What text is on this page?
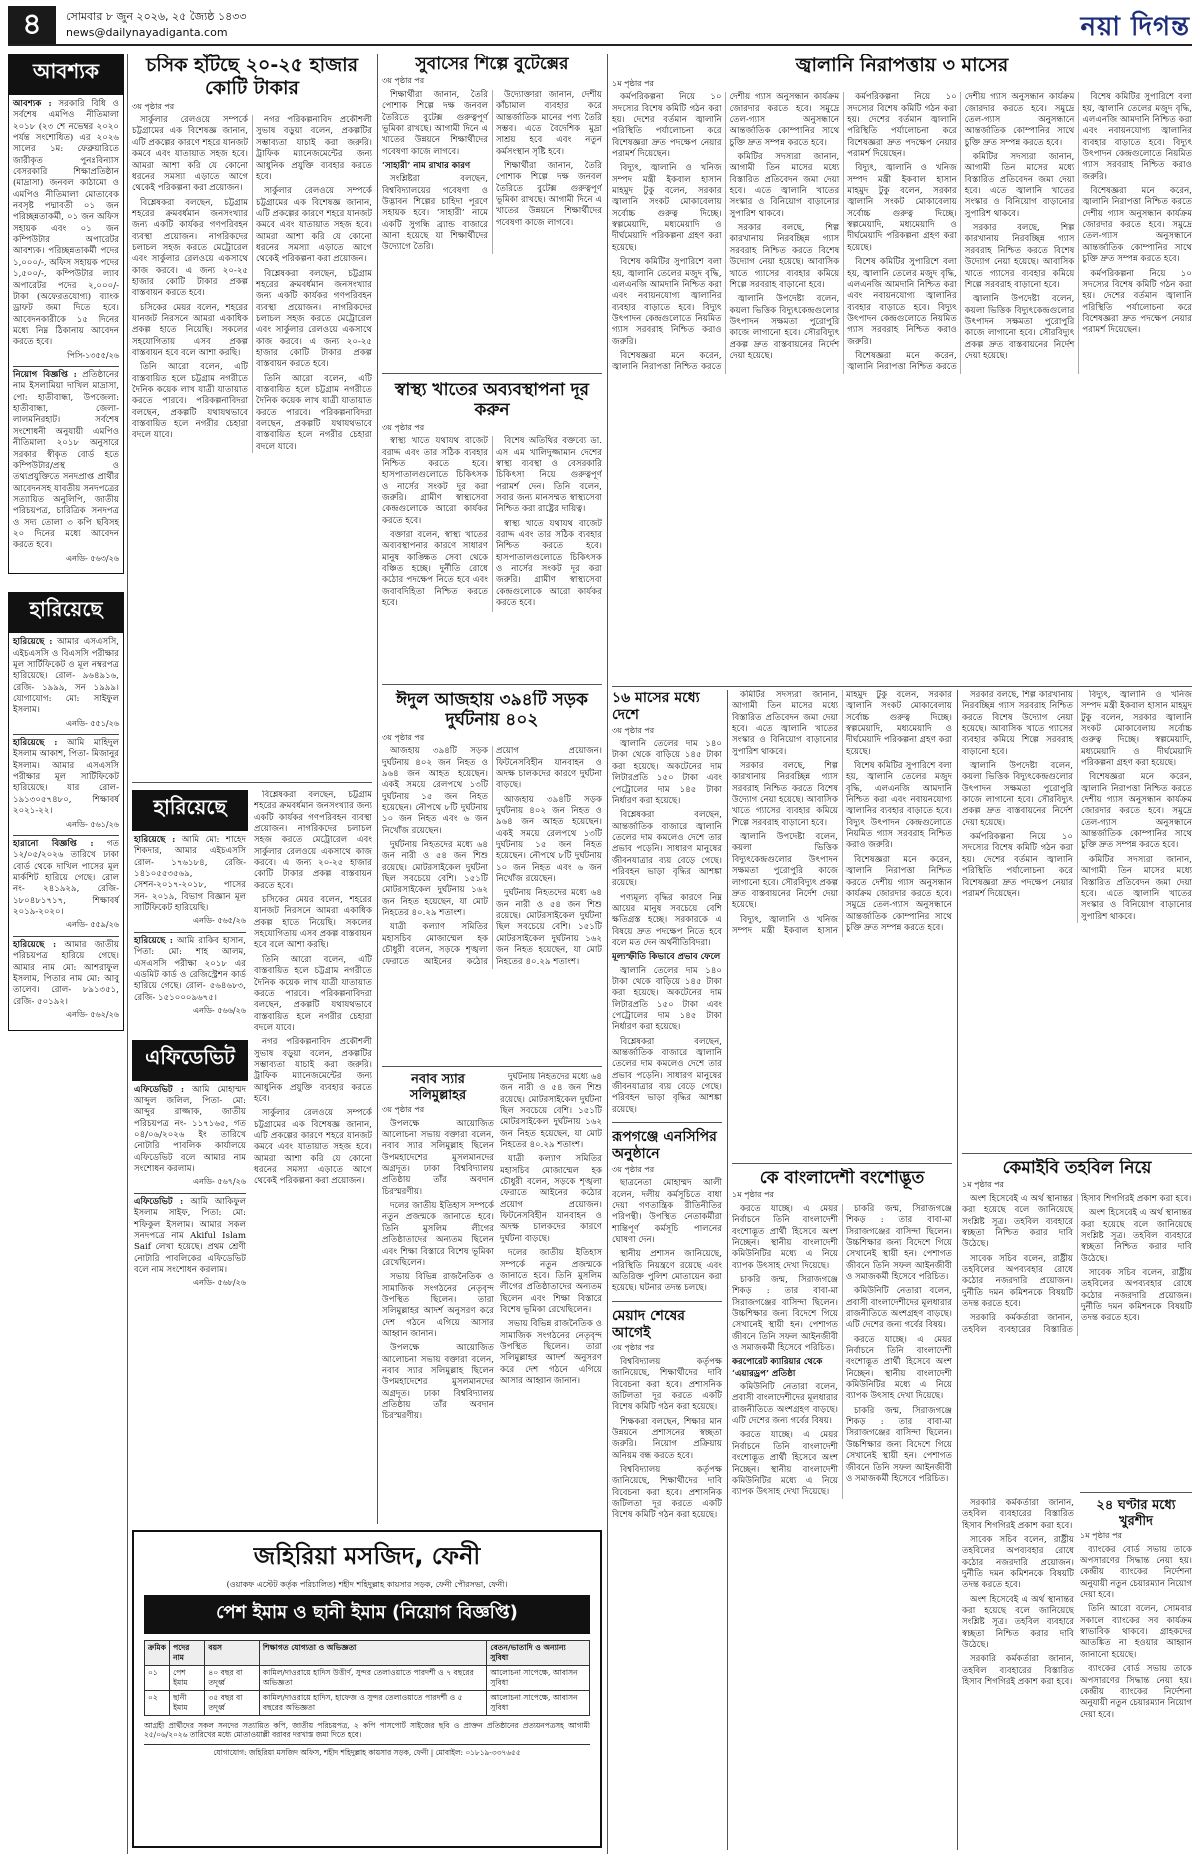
৪	সোমবার ৮ জুন ২০২৬, ২৫ জ্যৈষ্ঠ ১৪৩৩
news@dailynayadiganta.com	নয়া দিগন্ত
আবশ্যক

আবশ্যক : সরকারি বিধি ও সর্বশেষ এমপিও নীতিমালা ২০১৮ (২৩ শে নভেম্বর ২০২০ পর্যন্ত সংশোধিত) এর ২০২৬ সালের ১ম: ফেব্রুয়ারিতে জারীকৃত পুনঃবিন্যাস বেসরকারি শিক্ষাপ্রতিষ্ঠান (মাদ্রাসা) জনবল কাঠামো ও এমপিও নীতিমালা মোতাবেক নবসৃষ্ট পদ্মাবতী ০১ জন পরিচ্ছন্নতাকর্মী, ০১ জন অফিস সহায়ক এবং ০১ জন কম্পিউটার অপারেটর আবশ্যক। পরিচ্ছন্নতাকর্মী পদের ১,০০০/-, অফিস সহায়ক পদের ১,৫০০/-, কম্পিউটার ল্যাব অপারেটর পদের ২,০০০/- টাকা (অফেরতযোগ্য) ব্যাংক ড্রাফট জমা দিতে হবে। আবেদনকারীকে ১৫ দিনের মধ্যে নিম্ন ঠিকানায় আবেদন করতে হবে।

পিসি-১৩৫৫/২৬

নিয়োগ বিজ্ঞপ্তি : প্রতিষ্ঠানের নাম ইসলামিয়া দাখিল মাদ্রাসা, পো: হাতীবান্ধা, উপজেলা: হাতীবান্ধা, জেলা-লালমনিরহাট। সর্বশেষ সংশোধনী অনুযায়ী এমপিও নীতিমালা ২০১৮ অনুসারে সরকার স্বীকৃত বোর্ড হতে কম্পিউটার/প্রস্থ ও তথ্যপ্রযুক্তিতে সনদপ্রাপ্ত প্রার্থীর আবেদনসহ যাবতীয় সনদপত্রের সত্যায়িত অনুলিপি, জাতীয় পরিচয়পত্র, চারিত্রিক সনদপত্র ও সদ্য তোলা ৩ কপি ছবিসহ ২০ দিনের মধ্যে আবেদন করতে হবে।

এনডি- ৫৬৩/২৬
হারিয়েছে

হারিয়েছে : আমার এসএসসি, এইচএসসি ও বিএসসি পরীক্ষার মূল সার্টিফিকেট ও মূল নম্বরপত্র হারিয়েছে। রোল- ৯৬৪৯১৬, রেজি- ১৯৯৯, সন ১৯৯৯। যোগাযোগ: মো: সাইফুল ইসলাম।

এনডি- ৫৫১/২৬

হারিয়েছে : আমি মাহিদুল ইসলাম আকাশ, পিতা- মিজানুর ইসলাম। আমার এসএসসি পরীক্ষার মূল সার্টিফিকেট হারিয়েছে। যার রোল- ১৯১৩০৫৭৪৮০, শিক্ষাবর্ষ ২০২১-২২।

এনডি- ৫৬১/২৬

হারানো বিজ্ঞপ্তি : গত ১২/০৫/২০২৬ তারিখে ঢাকা বোর্ড থেকে দাখিল পাসের মূল মার্কশিট হারিয়ে গেছে। রোল নং- ২৪১৯২৯, রেজি- ১৮০৪৮১৭১৭, শিক্ষাবর্ষ ২০১৯-২০২০।

এনডি- ৫৫৯/২৬

হারিয়েছে : আমার জাতীয় পরিচয়পত্র হারিয়ে গেছে। আমার নাম মো: আশরাফুল ইসলাম, পিতার নাম মো: আবু তালেব। রোল- ৮৯১৩৫১, রেজি- ৫০১৯২।

এনডি- ৫৬২/২৬
চসিক হাঁটছে ২০-২৫ হাজার কোটি টাকার
৩য় পৃষ্ঠার পর

সার্কুলার রেলওয়ে সম্পর্কে চট্টগ্রামের এক বিশেষজ্ঞ জানান, এটি প্রকল্পের কারণে শহরে যানজট কমবে এবং যাতায়াত সহজ হবে। আমরা আশা করি যে কোনো ধরনের সমস্যা এড়াতে আগে থেকেই পরিকল্পনা করা প্রয়োজন।

বিশ্লেষকরা বলছেন, চট্টগ্রাম শহরের ক্রমবর্ধমান জনসংখ্যার জন্য একটি কার্যকর গণপরিবহন ব্যবস্থা প্রয়োজন। নাগরিকদের চলাচল সহজ করতে মেট্রোরেল এবং সার্কুলার রেলওয়ে একসাথে কাজ করবে। এ জন্য ২০-২৫ হাজার কোটি টাকার প্রকল্প বাস্তবায়ন করতে হবে।

চসিকের মেয়র বলেন, শহরের যানজট নিরসনে আমরা একাধিক প্রকল্প হাতে নিয়েছি। সকলের সহযোগিতায় এসব প্রকল্প বাস্তবায়ন হবে বলে আশা করছি।

তিনি আরো বলেন, এটি বাস্তবায়িত হলে চট্টগ্রাম নগরীতে দৈনিক কয়েক লাখ যাত্রী যাতায়াত করতে পারবে। পরিকল্পনাবিদরা বলছেন, প্রকল্পটি যথাযথভাবে বাস্তবায়িত হলে নগরীর চেহারা বদলে যাবে।

নগর পরিকল্পনাবিদ প্রকৌশলী সুভাষ বড়ুয়া বলেন, প্রকল্পটির সম্ভাব্যতা যাচাই করা জরুরি। ট্রাফিক ম্যানেজমেন্টের জন্য আধুনিক প্রযুক্তি ব্যবহার করতে হবে।

সার্কুলার রেলওয়ে সম্পর্কে চট্টগ্রামের এক বিশেষজ্ঞ জানান, এটি প্রকল্পের কারণে শহরে যানজট কমবে এবং যাতায়াত সহজ হবে। আমরা আশা করি যে কোনো ধরনের সমস্যা এড়াতে আগে থেকেই পরিকল্পনা করা প্রয়োজন।

বিশ্লেষকরা বলছেন, চট্টগ্রাম শহরের ক্রমবর্ধমান জনসংখ্যার জন্য একটি কার্যকর গণপরিবহন ব্যবস্থা প্রয়োজন। নাগরিকদের চলাচল সহজ করতে মেট্রোরেল এবং সার্কুলার রেলওয়ে একসাথে কাজ করবে। এ জন্য ২০-২৫ হাজার কোটি টাকার প্রকল্প বাস্তবায়ন করতে হবে।

তিনি আরো বলেন, এটি বাস্তবায়িত হলে চট্টগ্রাম নগরীতে দৈনিক কয়েক লাখ যাত্রী যাতায়াত করতে পারবে। পরিকল্পনাবিদরা বলছেন, প্রকল্পটি যথাযথভাবে বাস্তবায়িত হলে নগরীর চেহারা বদলে যাবে।

হারিয়েছে

হারিয়েছে : আমি মো: শাহেদ শিকদার, আমার এইচএসসি রোল- ১৭৬১৮৪, রেজি- ১৪১০৫৫৩৫৬৯, সেশন-২০১৭-২০১৮, পাসের সন- ২০১৯, বিভাগ বিজ্ঞান মূল সার্টিফিকেট হারিয়েছি।

এনডি- ৫৬৫/২৬

হারিয়েছে : আমি রাকিব হাসান, পিতা: মো: শাহ আলম, এসএসসি পরীক্ষা ২০১৮ এর এডমিট কার্ড ও রেজিস্ট্রেশন কার্ড হারিয়ে গেছে। রোল- ৫৬৪৬৮৩, রেজি- ১৫১০০০৯৬৭৫।

এনডি- ৫৬৬/২৬
এফিডেভিট

এফিডেভিট : আমি মোহাম্মদ আব্দুল জলিল, পিতা- মো: আব্দুর রাজ্জাক, জাতীয় পরিচয়পত্র নং- ১১৭১৬৫, গত ০৪/০৬/২০২৬ ইং তারিখে নোটারি পাবলিক কার্যালয়ে এফিডেভিট বলে আমার নাম সংশোধন করলাম।

এনডি- ৫৬৭/২৬

এফিডেভিট : আমি আকিফুল ইসলাম সাইফ, পিতা: মো: শফিকুল ইসলাম। আমার সকল সনদপত্রে নাম Akiful Islam Saif লেখা হয়েছে। প্রথম শ্রেণী নোটারি পাবলিকের এফিডেভিট বলে নাম সংশোধন করলাম।

এনডি- ৫৬৮/২৬

বিশ্লেষকরা বলছেন, চট্টগ্রাম শহরের ক্রমবর্ধমান জনসংখ্যার জন্য একটি কার্যকর গণপরিবহন ব্যবস্থা প্রয়োজন। নাগরিকদের চলাচল সহজ করতে মেট্রোরেল এবং সার্কুলার রেলওয়ে একসাথে কাজ করবে। এ জন্য ২০-২৫ হাজার কোটি টাকার প্রকল্প বাস্তবায়ন করতে হবে।

চসিকের মেয়র বলেন, শহরের যানজট নিরসনে আমরা একাধিক প্রকল্প হাতে নিয়েছি। সকলের সহযোগিতায় এসব প্রকল্প বাস্তবায়ন হবে বলে আশা করছি।

তিনি আরো বলেন, এটি বাস্তবায়িত হলে চট্টগ্রাম নগরীতে দৈনিক কয়েক লাখ যাত্রী যাতায়াত করতে পারবে। পরিকল্পনাবিদরা বলছেন, প্রকল্পটি যথাযথভাবে বাস্তবায়িত হলে নগরীর চেহারা বদলে যাবে।

নগর পরিকল্পনাবিদ প্রকৌশলী সুভাষ বড়ুয়া বলেন, প্রকল্পটির সম্ভাব্যতা যাচাই করা জরুরি। ট্রাফিক ম্যানেজমেন্টের জন্য আধুনিক প্রযুক্তি ব্যবহার করতে হবে।

সার্কুলার রেলওয়ে সম্পর্কে চট্টগ্রামের এক বিশেষজ্ঞ জানান, এটি প্রকল্পের কারণে শহরে যানজট কমবে এবং যাতায়াত সহজ হবে। আমরা আশা করি যে কোনো ধরনের সমস্যা এড়াতে আগে থেকেই পরিকল্পনা করা প্রয়োজন।

সুবাসের শিল্পে বুটেক্সের
৩য় পৃষ্ঠার পর

শিক্ষার্থীরা জানান, তৈরি পোশাক শিল্পে দক্ষ জনবল তৈরিতে বুটেক্স গুরুত্বপূর্ণ ভূমিকা রাখছে। আগামী দিনে এ খাতের উন্নয়নে শিক্ষার্থীদের গবেষণা কাজে লাগবে।

‘সাহারী’ নাম রাখার কারণ

সংশ্লিষ্টরা বলছেন, বিশ্ববিদ্যালয়ের গবেষণা ও উদ্ভাবন শিল্পের চাহিদা পূরণে সহায়ক হবে। ‘সাহারী’ নামে একটি সুগন্ধি ব্র্যান্ড বাজারে আনা হয়েছে যা শিক্ষার্থীদের উদ্যোগে তৈরি।

উদ্যোক্তারা জানান, দেশীয় কাঁচামাল ব্যবহার করে আন্তর্জাতিক মানের পণ্য তৈরি সম্ভব। এতে বৈদেশিক মুদ্রা সাশ্রয় হবে এবং নতুন কর্মসংস্থান সৃষ্টি হবে।

শিক্ষার্থীরা জানান, তৈরি পোশাক শিল্পে দক্ষ জনবল তৈরিতে বুটেক্স গুরুত্বপূর্ণ ভূমিকা রাখছে। আগামী দিনে এ খাতের উন্নয়নে শিক্ষার্থীদের গবেষণা কাজে লাগবে।

স্বাস্থ্য খাতের অব্যবস্থাপনা দূর করুন
৩য় পৃষ্ঠার পর

স্বাস্থ্য খাতে যথাযথ বাজেট বরাদ্দ এবং তার সঠিক ব্যবহার নিশ্চিত করতে হবে। হাসপাতালগুলোতে চিকিৎসক ও নার্সের সংকট দূর করা জরুরি। গ্রামীণ স্বাস্থ্যসেবা কেন্দ্রগুলোকে আরো কার্যকর করতে হবে।

বক্তারা বলেন, স্বাস্থ্য খাতের অব্যবস্থাপনার কারণে সাধারণ মানুষ কাঙ্ক্ষিত সেবা থেকে বঞ্চিত হচ্ছে। দুর্নীতি রোধে কঠোর পদক্ষেপ নিতে হবে এবং জবাবদিহিতা নিশ্চিত করতে হবে।

বিশেষ অতিথির বক্তব্যে ডা. এস এম খালিদুজ্জামান দেশের স্বাস্থ্য ব্যবস্থা ও বেসরকারি চিকিৎসা নিয়ে গুরুত্বপূর্ণ পরামর্শ দেন। তিনি বলেন, সবার জন্য মানসম্মত স্বাস্থ্যসেবা নিশ্চিত করা রাষ্ট্রের দায়িত্ব।

স্বাস্থ্য খাতে যথাযথ বাজেট বরাদ্দ এবং তার সঠিক ব্যবহার নিশ্চিত করতে হবে। হাসপাতালগুলোতে চিকিৎসক ও নার্সের সংকট দূর করা জরুরি। গ্রামীণ স্বাস্থ্যসেবা কেন্দ্রগুলোকে আরো কার্যকর করতে হবে।

ঈদুল আজহায় ৩৯৪টি সড়ক দুর্ঘটনায় ৪০২
৩য় পৃষ্ঠার পর

আজহায় ৩৯৪টি সড়ক দুর্ঘটনায় ৪০২ জন নিহত ও ৯৬৪ জন আহত হয়েছেন। একই সময়ে রেলপথে ১৩টি দুর্ঘটনায় ১৫ জন নিহত হয়েছেন। নৌপথে ৮টি দুর্ঘটনায় ১০ জন নিহত এবং ৬ জন নিখোঁজ রয়েছেন।

দুর্ঘটনায় নিহতদের মধ্যে ৬৪ জন নারী ও ৫৪ জন শিশু রয়েছে। মোটরসাইকেল দুর্ঘটনা ছিল সবচেয়ে বেশি। ১৫১টি মোটরসাইকেল দুর্ঘটনায় ১৬২ জন নিহত হয়েছেন, যা মোট নিহতের ৪০.২৯ শতাংশ।

যাত্রী কল্যাণ সমিতির মহাসচিব মোজাম্মেল হক চৌধুরী বলেন, সড়কে শৃঙ্খলা ফেরাতে আইনের কঠোর প্রয়োগ প্রয়োজন। ফিটনেসবিহীন যানবাহন ও অদক্ষ চালকদের কারণে দুর্ঘটনা বাড়ছে।

আজহায় ৩৯৪টি সড়ক দুর্ঘটনায় ৪০২ জন নিহত ও ৯৬৪ জন আহত হয়েছেন। একই সময়ে রেলপথে ১৩টি দুর্ঘটনায় ১৫ জন নিহত হয়েছেন। নৌপথে ৮টি দুর্ঘটনায় ১০ জন নিহত এবং ৬ জন নিখোঁজ রয়েছেন।

দুর্ঘটনায় নিহতদের মধ্যে ৬৪ জন নারী ও ৫৪ জন শিশু রয়েছে। মোটরসাইকেল দুর্ঘটনা ছিল সবচেয়ে বেশি। ১৫১টি মোটরসাইকেল দুর্ঘটনায় ১৬২ জন নিহত হয়েছেন, যা মোট নিহতের ৪০.২৯ শতাংশ।

নবাব স্যার সলিমুল্লাহর
৩য় পৃষ্ঠার পর

উপলক্ষে আয়োজিত আলোচনা সভায় বক্তারা বলেন, নবাব স্যার সলিমুল্লাহ ছিলেন উপমহাদেশের মুসলমানদের অগ্রদূত। ঢাকা বিশ্ববিদ্যালয় প্রতিষ্ঠায় তাঁর অবদান চিরস্মরণীয়।

দলের জাতীয় ইতিহাস সম্পর্কে নতুন প্রজন্মকে জানাতে হবে। তিনি মুসলিম লীগের প্রতিষ্ঠাতাদের অন্যতম ছিলেন এবং শিক্ষা বিস্তারে বিশেষ ভূমিকা রেখেছিলেন।

সভায় বিভিন্ন রাজনৈতিক ও সামাজিক সংগঠনের নেতৃবৃন্দ উপস্থিত ছিলেন। তারা সলিমুল্লাহর আদর্শ অনুসরণ করে দেশ গঠনে এগিয়ে আসার আহ্বান জানান।

উপলক্ষে আয়োজিত আলোচনা সভায় বক্তারা বলেন, নবাব স্যার সলিমুল্লাহ ছিলেন উপমহাদেশের মুসলমানদের অগ্রদূত। ঢাকা বিশ্ববিদ্যালয় প্রতিষ্ঠায় তাঁর অবদান চিরস্মরণীয়।

দুর্ঘটনায় নিহতদের মধ্যে ৬৪ জন নারী ও ৫৪ জন শিশু রয়েছে। মোটরসাইকেল দুর্ঘটনা ছিল সবচেয়ে বেশি। ১৫১টি মোটরসাইকেল দুর্ঘটনায় ১৬২ জন নিহত হয়েছেন, যা মোট নিহতের ৪০.২৯ শতাংশ।

যাত্রী কল্যাণ সমিতির মহাসচিব মোজাম্মেল হক চৌধুরী বলেন, সড়কে শৃঙ্খলা ফেরাতে আইনের কঠোর প্রয়োগ প্রয়োজন। ফিটনেসবিহীন যানবাহন ও অদক্ষ চালকদের কারণে দুর্ঘটনা বাড়ছে।

দলের জাতীয় ইতিহাস সম্পর্কে নতুন প্রজন্মকে জানাতে হবে। তিনি মুসলিম লীগের প্রতিষ্ঠাতাদের অন্যতম ছিলেন এবং শিক্ষা বিস্তারে বিশেষ ভূমিকা রেখেছিলেন।

সভায় বিভিন্ন রাজনৈতিক ও সামাজিক সংগঠনের নেতৃবৃন্দ উপস্থিত ছিলেন। তারা সলিমুল্লাহর আদর্শ অনুসরণ করে দেশ গঠনে এগিয়ে আসার আহ্বান জানান।

১৬ মাসের মধ্যে দেশে
৩য় পৃষ্ঠার পর

জ্বালানি তেলের দাম ১৪০ টাকা থেকে বাড়িয়ে ১৪৫ টাকা করা হয়েছে। অকটেনের দাম লিটারপ্রতি ১৫০ টাকা এবং পেট্রোলের দাম ১৪৫ টাকা নির্ধারণ করা হয়েছে।

বিশ্লেষকরা বলছেন, আন্তর্জাতিক বাজারে জ্বালানি তেলের দাম কমলেও দেশে তার প্রভাব পড়েনি। সাধারণ মানুষের জীবনযাত্রার ব্যয় বেড়ে গেছে। পরিবহন ভাড়া বৃদ্ধির আশঙ্কা রয়েছে।

পণ্যমূল্য বৃদ্ধির কারণে নিম্ন আয়ের মানুষ সবচেয়ে বেশি ক্ষতিগ্রস্ত হচ্ছে। সরকারকে এ বিষয়ে দ্রুত পদক্ষেপ নিতে হবে বলে মত দেন অর্থনীতিবিদরা।

মূল্যস্ফীতি কিভাবে প্রভাব ফেলে

জ্বালানি তেলের দাম ১৪০ টাকা থেকে বাড়িয়ে ১৪৫ টাকা করা হয়েছে। অকটেনের দাম লিটারপ্রতি ১৫০ টাকা এবং পেট্রোলের দাম ১৪৫ টাকা নির্ধারণ করা হয়েছে।

বিশ্লেষকরা বলছেন, আন্তর্জাতিক বাজারে জ্বালানি তেলের দাম কমলেও দেশে তার প্রভাব পড়েনি। সাধারণ মানুষের জীবনযাত্রার ব্যয় বেড়ে গেছে। পরিবহন ভাড়া বৃদ্ধির আশঙ্কা রয়েছে।

রূপগঞ্জে এনসিপির অনুষ্ঠানে
৩য় পৃষ্ঠার পর

ছাত্রনেতা মোহাম্মদ আলী বলেন, দলীয় কর্মসূচিতে বাধা দেয়া গণতান্ত্রিক রীতিনীতির পরিপন্থী। উপস্থিত নেতাকর্মীরা শান্তিপূর্ণ কর্মসূচি পালনের ঘোষণা দেন।

স্থানীয় প্রশাসন জানিয়েছে, পরিস্থিতি নিয়ন্ত্রণে রয়েছে এবং অতিরিক্ত পুলিশ মোতায়েন করা হয়েছে। ঘটনার তদন্ত চলছে।

মেয়াদ শেষের আগেই
৩য় পৃষ্ঠার পর

বিশ্ববিদ্যালয় কর্তৃপক্ষ জানিয়েছে, শিক্ষার্থীদের দাবি বিবেচনা করা হবে। প্রশাসনিক জটিলতা দূর করতে একটি বিশেষ কমিটি গঠন করা হয়েছে।

শিক্ষকরা বলছেন, শিক্ষার মান উন্নয়নে প্রশাসনের স্বচ্ছতা জরুরি। নিয়োগ প্রক্রিয়ায় অনিয়ম বন্ধ করতে হবে।

বিশ্ববিদ্যালয় কর্তৃপক্ষ জানিয়েছে, শিক্ষার্থীদের দাবি বিবেচনা করা হবে। প্রশাসনিক জটিলতা দূর করতে একটি বিশেষ কমিটি গঠন করা হয়েছে।

জ্বালানি নিরাপত্তায় ৩ মাসের
১ম পৃষ্ঠার পর

কর্মপরিকল্পনা নিয়ে ১০ সদস্যের বিশেষ কমিটি গঠন করা হয়। দেশের বর্তমান জ্বালানি পরিস্থিতি পর্যালোচনা করে বিশেষজ্ঞরা দ্রুত পদক্ষেপ নেয়ার পরামর্শ দিয়েছেন।

বিদ্যুৎ, জ্বালানি ও খনিজ সম্পদ মন্ত্রী ইকবাল হাসান মাহমুদ টুকু বলেন, সরকার জ্বালানি সংকট মোকাবেলায় সর্বোচ্চ গুরুত্ব দিচ্ছে। স্বল্পমেয়াদি, মধ্যমেয়াদি ও দীর্ঘমেয়াদি পরিকল্পনা গ্রহণ করা হয়েছে।

বিশেষ কমিটির সুপারিশে বলা হয়, জ্বালানি তেলের মজুদ বৃদ্ধি, এলএনজি আমদানি নিশ্চিত করা এবং নবায়নযোগ্য জ্বালানির ব্যবহার বাড়াতে হবে। বিদ্যুৎ উৎপাদন কেন্দ্রগুলোতে নিয়মিত গ্যাস সরবরাহ নিশ্চিত করাও জরুরি।

বিশেষজ্ঞরা মনে করেন, জ্বালানি নিরাপত্তা নিশ্চিত করতে দেশীয় গ্যাস অনুসন্ধান কার্যক্রম জোরদার করতে হবে। সমুদ্রে তেল-গ্যাস অনুসন্ধানে আন্তর্জাতিক কোম্পানির সাথে চুক্তি দ্রুত সম্পন্ন করতে হবে।

কমিটির সদস্যরা জানান, আগামী তিন মাসের মধ্যে বিস্তারিত প্রতিবেদন জমা দেয়া হবে। এতে জ্বালানি খাতের সংস্কার ও বিনিয়োগ বাড়ানোর সুপারিশ থাকবে।

সরকার বলছে, শিল্প কারখানায় নিরবচ্ছিন্ন গ্যাস সরবরাহ নিশ্চিত করতে বিশেষ উদ্যোগ নেয়া হয়েছে। আবাসিক খাতে গ্যাসের ব্যবহার কমিয়ে শিল্পে সরবরাহ বাড়ানো হবে।

জ্বালানি উপদেষ্টা বলেন, কয়লা ভিত্তিক বিদ্যুৎকেন্দ্রগুলোর উৎপাদন সক্ষমতা পুরোপুরি কাজে লাগানো হবে। সৌরবিদ্যুৎ প্রকল্প দ্রুত বাস্তবায়নের নির্দেশ দেয়া হয়েছে।

কর্মপরিকল্পনা নিয়ে ১০ সদস্যের বিশেষ কমিটি গঠন করা হয়। দেশের বর্তমান জ্বালানি পরিস্থিতি পর্যালোচনা করে বিশেষজ্ঞরা দ্রুত পদক্ষেপ নেয়ার পরামর্শ দিয়েছেন।

বিদ্যুৎ, জ্বালানি ও খনিজ সম্পদ মন্ত্রী ইকবাল হাসান মাহমুদ টুকু বলেন, সরকার জ্বালানি সংকট মোকাবেলায় সর্বোচ্চ গুরুত্ব দিচ্ছে। স্বল্পমেয়াদি, মধ্যমেয়াদি ও দীর্ঘমেয়াদি পরিকল্পনা গ্রহণ করা হয়েছে।

বিশেষ কমিটির সুপারিশে বলা হয়, জ্বালানি তেলের মজুদ বৃদ্ধি, এলএনজি আমদানি নিশ্চিত করা এবং নবায়নযোগ্য জ্বালানির ব্যবহার বাড়াতে হবে। বিদ্যুৎ উৎপাদন কেন্দ্রগুলোতে নিয়মিত গ্যাস সরবরাহ নিশ্চিত করাও জরুরি।

বিশেষজ্ঞরা মনে করেন, জ্বালানি নিরাপত্তা নিশ্চিত করতে দেশীয় গ্যাস অনুসন্ধান কার্যক্রম জোরদার করতে হবে। সমুদ্রে তেল-গ্যাস অনুসন্ধানে আন্তর্জাতিক কোম্পানির সাথে চুক্তি দ্রুত সম্পন্ন করতে হবে।

কমিটির সদস্যরা জানান, আগামী তিন মাসের মধ্যে বিস্তারিত প্রতিবেদন জমা দেয়া হবে। এতে জ্বালানি খাতের সংস্কার ও বিনিয়োগ বাড়ানোর সুপারিশ থাকবে।

সরকার বলছে, শিল্প কারখানায় নিরবচ্ছিন্ন গ্যাস সরবরাহ নিশ্চিত করতে বিশেষ উদ্যোগ নেয়া হয়েছে। আবাসিক খাতে গ্যাসের ব্যবহার কমিয়ে শিল্পে সরবরাহ বাড়ানো হবে।

জ্বালানি উপদেষ্টা বলেন, কয়লা ভিত্তিক বিদ্যুৎকেন্দ্রগুলোর উৎপাদন সক্ষমতা পুরোপুরি কাজে লাগানো হবে। সৌরবিদ্যুৎ প্রকল্প দ্রুত বাস্তবায়নের নির্দেশ দেয়া হয়েছে।

বিশেষ কমিটির সুপারিশে বলা হয়, জ্বালানি তেলের মজুদ বৃদ্ধি, এলএনজি আমদানি নিশ্চিত করা এবং নবায়নযোগ্য জ্বালানির ব্যবহার বাড়াতে হবে। বিদ্যুৎ উৎপাদন কেন্দ্রগুলোতে নিয়মিত গ্যাস সরবরাহ নিশ্চিত করাও জরুরি।

বিশেষজ্ঞরা মনে করেন, জ্বালানি নিরাপত্তা নিশ্চিত করতে দেশীয় গ্যাস অনুসন্ধান কার্যক্রম জোরদার করতে হবে। সমুদ্রে তেল-গ্যাস অনুসন্ধানে আন্তর্জাতিক কোম্পানির সাথে চুক্তি দ্রুত সম্পন্ন করতে হবে।

কর্মপরিকল্পনা নিয়ে ১০ সদস্যের বিশেষ কমিটি গঠন করা হয়। দেশের বর্তমান জ্বালানি পরিস্থিতি পর্যালোচনা করে বিশেষজ্ঞরা দ্রুত পদক্ষেপ নেয়ার পরামর্শ দিয়েছেন।

কমিটির সদস্যরা জানান, আগামী তিন মাসের মধ্যে বিস্তারিত প্রতিবেদন জমা দেয়া হবে। এতে জ্বালানি খাতের সংস্কার ও বিনিয়োগ বাড়ানোর সুপারিশ থাকবে।

সরকার বলছে, শিল্প কারখানায় নিরবচ্ছিন্ন গ্যাস সরবরাহ নিশ্চিত করতে বিশেষ উদ্যোগ নেয়া হয়েছে। আবাসিক খাতে গ্যাসের ব্যবহার কমিয়ে শিল্পে সরবরাহ বাড়ানো হবে।

জ্বালানি উপদেষ্টা বলেন, কয়লা ভিত্তিক বিদ্যুৎকেন্দ্রগুলোর উৎপাদন সক্ষমতা পুরোপুরি কাজে লাগানো হবে। সৌরবিদ্যুৎ প্রকল্প দ্রুত বাস্তবায়নের নির্দেশ দেয়া হয়েছে।

বিদ্যুৎ, জ্বালানি ও খনিজ সম্পদ মন্ত্রী ইকবাল হাসান মাহমুদ টুকু বলেন, সরকার জ্বালানি সংকট মোকাবেলায় সর্বোচ্চ গুরুত্ব দিচ্ছে। স্বল্পমেয়াদি, মধ্যমেয়াদি ও দীর্ঘমেয়াদি পরিকল্পনা গ্রহণ করা হয়েছে।

বিশেষ কমিটির সুপারিশে বলা হয়, জ্বালানি তেলের মজুদ বৃদ্ধি, এলএনজি আমদানি নিশ্চিত করা এবং নবায়নযোগ্য জ্বালানির ব্যবহার বাড়াতে হবে। বিদ্যুৎ উৎপাদন কেন্দ্রগুলোতে নিয়মিত গ্যাস সরবরাহ নিশ্চিত করাও জরুরি।

বিশেষজ্ঞরা মনে করেন, জ্বালানি নিরাপত্তা নিশ্চিত করতে দেশীয় গ্যাস অনুসন্ধান কার্যক্রম জোরদার করতে হবে। সমুদ্রে তেল-গ্যাস অনুসন্ধানে আন্তর্জাতিক কোম্পানির সাথে চুক্তি দ্রুত সম্পন্ন করতে হবে।

কে বাংলাদেশী বংশোদ্ভূত
১ম পৃষ্ঠার পর

করতে যাচ্ছে। এ মেয়র নির্বাচনে তিনি বাংলাদেশী বংশোদ্ভূত প্রার্থী হিসেবে অংশ নিচ্ছেন। স্থানীয় বাংলাদেশী কমিউনিটির মধ্যে এ নিয়ে ব্যাপক উৎসাহ দেখা দিয়েছে।

চাকরি জন্ম, সিরাজগঞ্জে শিকড় : তার বাবা-মা সিরাজগঞ্জের বাসিন্দা ছিলেন। উচ্চশিক্ষার জন্য বিদেশে গিয়ে সেখানেই স্থায়ী হন। পেশাগত জীবনে তিনি সফল আইনজীবী ও সমাজকর্মী হিসেবে পরিচিত।

করপোরেট ক্যারিয়ার থেকে ‘এয়ারড্রপ’ প্রতিষ্ঠা

কমিউনিটি নেতারা বলেন, প্রবাসী বাংলাদেশীদের মূলধারার রাজনীতিতে অংশগ্রহণ বাড়ছে। এটি দেশের জন্য গর্বের বিষয়।

করতে যাচ্ছে। এ মেয়র নির্বাচনে তিনি বাংলাদেশী বংশোদ্ভূত প্রার্থী হিসেবে অংশ নিচ্ছেন। স্থানীয় বাংলাদেশী কমিউনিটির মধ্যে এ নিয়ে ব্যাপক উৎসাহ দেখা দিয়েছে।

চাকরি জন্ম, সিরাজগঞ্জে শিকড় : তার বাবা-মা সিরাজগঞ্জের বাসিন্দা ছিলেন। উচ্চশিক্ষার জন্য বিদেশে গিয়ে সেখানেই স্থায়ী হন। পেশাগত জীবনে তিনি সফল আইনজীবী ও সমাজকর্মী হিসেবে পরিচিত।

কমিউনিটি নেতারা বলেন, প্রবাসী বাংলাদেশীদের মূলধারার রাজনীতিতে অংশগ্রহণ বাড়ছে। এটি দেশের জন্য গর্বের বিষয়।

করতে যাচ্ছে। এ মেয়র নির্বাচনে তিনি বাংলাদেশী বংশোদ্ভূত প্রার্থী হিসেবে অংশ নিচ্ছেন। স্থানীয় বাংলাদেশী কমিউনিটির মধ্যে এ নিয়ে ব্যাপক উৎসাহ দেখা দিয়েছে।

চাকরি জন্ম, সিরাজগঞ্জে শিকড় : তার বাবা-মা সিরাজগঞ্জের বাসিন্দা ছিলেন। উচ্চশিক্ষার জন্য বিদেশে গিয়ে সেখানেই স্থায়ী হন। পেশাগত জীবনে তিনি সফল আইনজীবী ও সমাজকর্মী হিসেবে পরিচিত।

সরকার বলছে, শিল্প কারখানায় নিরবচ্ছিন্ন গ্যাস সরবরাহ নিশ্চিত করতে বিশেষ উদ্যোগ নেয়া হয়েছে। আবাসিক খাতে গ্যাসের ব্যবহার কমিয়ে শিল্পে সরবরাহ বাড়ানো হবে।

জ্বালানি উপদেষ্টা বলেন, কয়লা ভিত্তিক বিদ্যুৎকেন্দ্রগুলোর উৎপাদন সক্ষমতা পুরোপুরি কাজে লাগানো হবে। সৌরবিদ্যুৎ প্রকল্প দ্রুত বাস্তবায়নের নির্দেশ দেয়া হয়েছে।

কর্মপরিকল্পনা নিয়ে ১০ সদস্যের বিশেষ কমিটি গঠন করা হয়। দেশের বর্তমান জ্বালানি পরিস্থিতি পর্যালোচনা করে বিশেষজ্ঞরা দ্রুত পদক্ষেপ নেয়ার পরামর্শ দিয়েছেন।

বিদ্যুৎ, জ্বালানি ও খনিজ সম্পদ মন্ত্রী ইকবাল হাসান মাহমুদ টুকু বলেন, সরকার জ্বালানি সংকট মোকাবেলায় সর্বোচ্চ গুরুত্ব দিচ্ছে। স্বল্পমেয়াদি, মধ্যমেয়াদি ও দীর্ঘমেয়াদি পরিকল্পনা গ্রহণ করা হয়েছে।

বিশেষজ্ঞরা মনে করেন, জ্বালানি নিরাপত্তা নিশ্চিত করতে দেশীয় গ্যাস অনুসন্ধান কার্যক্রম জোরদার করতে হবে। সমুদ্রে তেল-গ্যাস অনুসন্ধানে আন্তর্জাতিক কোম্পানির সাথে চুক্তি দ্রুত সম্পন্ন করতে হবে।

কমিটির সদস্যরা জানান, আগামী তিন মাসের মধ্যে বিস্তারিত প্রতিবেদন জমা দেয়া হবে। এতে জ্বালানি খাতের সংস্কার ও বিনিয়োগ বাড়ানোর সুপারিশ থাকবে।

কেমাইবি তহবিল নিয়ে
১ম পৃষ্ঠার পর

অংশ হিসেবেই এ অর্থ স্থানান্তর করা হয়েছে বলে জানিয়েছে সংশ্লিষ্ট সূত্র। তহবিল ব্যবহারে স্বচ্ছতা নিশ্চিত করার দাবি উঠেছে।

সাবেক সচিব বলেন, রাষ্ট্রীয় তহবিলের অপব্যবহার রোধে কঠোর নজরদারি প্রয়োজন। দুর্নীতি দমন কমিশনকে বিষয়টি তদন্ত করতে হবে।

সরকারি কর্মকর্তারা জানান, তহবিল ব্যবহারের বিস্তারিত হিসাব শিগগিরই প্রকাশ করা হবে।

অংশ হিসেবেই এ অর্থ স্থানান্তর করা হয়েছে বলে জানিয়েছে সংশ্লিষ্ট সূত্র। তহবিল ব্যবহারে স্বচ্ছতা নিশ্চিত করার দাবি উঠেছে।

সাবেক সচিব বলেন, রাষ্ট্রীয় তহবিলের অপব্যবহার রোধে কঠোর নজরদারি প্রয়োজন। দুর্নীতি দমন কমিশনকে বিষয়টি তদন্ত করতে হবে।

২৪ ঘণ্টার মধ্যে খুরশীদ
১ম পৃষ্ঠার পর

ব্যাংকের বোর্ড সভায় তাকে অপসারণের সিদ্ধান্ত নেয়া হয়। কেন্দ্রীয় ব্যাংকের নির্দেশনা অনুযায়ী নতুন চেয়ারম্যান নিয়োগ দেয়া হবে।

তিনি আরো বলেন, সোমবার সকালে ব্যাংকের সব কার্যক্রম স্বাভাবিক থাকবে। গ্রাহকদের আতঙ্কিত না হওয়ার আহ্বান জানানো হয়েছে।

ব্যাংকের বোর্ড সভায় তাকে অপসারণের সিদ্ধান্ত নেয়া হয়। কেন্দ্রীয় ব্যাংকের নির্দেশনা অনুযায়ী নতুন চেয়ারম্যান নিয়োগ দেয়া হবে।

সরকারি কর্মকর্তারা জানান, তহবিল ব্যবহারের বিস্তারিত হিসাব শিগগিরই প্রকাশ করা হবে।

সাবেক সচিব বলেন, রাষ্ট্রীয় তহবিলের অপব্যবহার রোধে কঠোর নজরদারি প্রয়োজন। দুর্নীতি দমন কমিশনকে বিষয়টি তদন্ত করতে হবে।

অংশ হিসেবেই এ অর্থ স্থানান্তর করা হয়েছে বলে জানিয়েছে সংশ্লিষ্ট সূত্র। তহবিল ব্যবহারে স্বচ্ছতা নিশ্চিত করার দাবি উঠেছে।

সরকারি কর্মকর্তারা জানান, তহবিল ব্যবহারের বিস্তারিত হিসাব শিগগিরই প্রকাশ করা হবে।

জহিরিয়া মসজিদ, ফেনী
(ওয়াকফ এস্টেট কর্তৃক পরিচালিত) শহীদ শহিদুল্লাহ কায়সার সড়ক, ফেনী পৌরসভা, ফেনী।
পেশ ইমাম ও ছানী ইমাম (নিয়োগ বিজ্ঞপ্তি)
ক্রমিক	পদের নাম	বয়স	শিক্ষাগত যোগ্যতা ও অভিজ্ঞতা	বেতন/ভাতাদি ও অন্যান্য সুবিধা
০১	পেশ ইমাম	৪০ বছর বা তদূর্ধ্ব	কামিল/দাওরায়ে হাদিস উত্তীর্ণ, সুন্দর তেলাওয়াতে পারদর্শী ও ৭ বছরের অভিজ্ঞতা	আলোচনা সাপেক্ষে, আবাসন সুবিধা
০২	ছানী ইমাম	৩৫ বছর বা তদূর্ধ্ব	কামিল/দাওরায়ে হাদিস, হাফেজ ও সুন্দর তেলাওয়াতে পারদর্শী ও ৫ বছরের অভিজ্ঞতা	আলোচনা সাপেক্ষে, আবাসন সুবিধা
আগ্রহী প্রার্থীদের সকল সনদের সত্যায়িত কপি, জাতীয় পরিচয়পত্র, ২ কপি পাসপোর্ট সাইজের ছবি ও প্রাক্তন প্রতিষ্ঠানের প্রত্যয়নপত্রসহ আগামী ২৫/০৬/২০২৬ তারিখের মধ্যে মোতাওয়াল্লী বরাবর দরখাস্ত জমা দিতে হবে।
যোগাযোগ: জহিরিয়া মসজিদ অফিস, শহীদ শহিদুল্লাহ কায়সার সড়ক, ফেনী | মোবাইল: ০১৮১৯-৩৩৭৬৫৫
